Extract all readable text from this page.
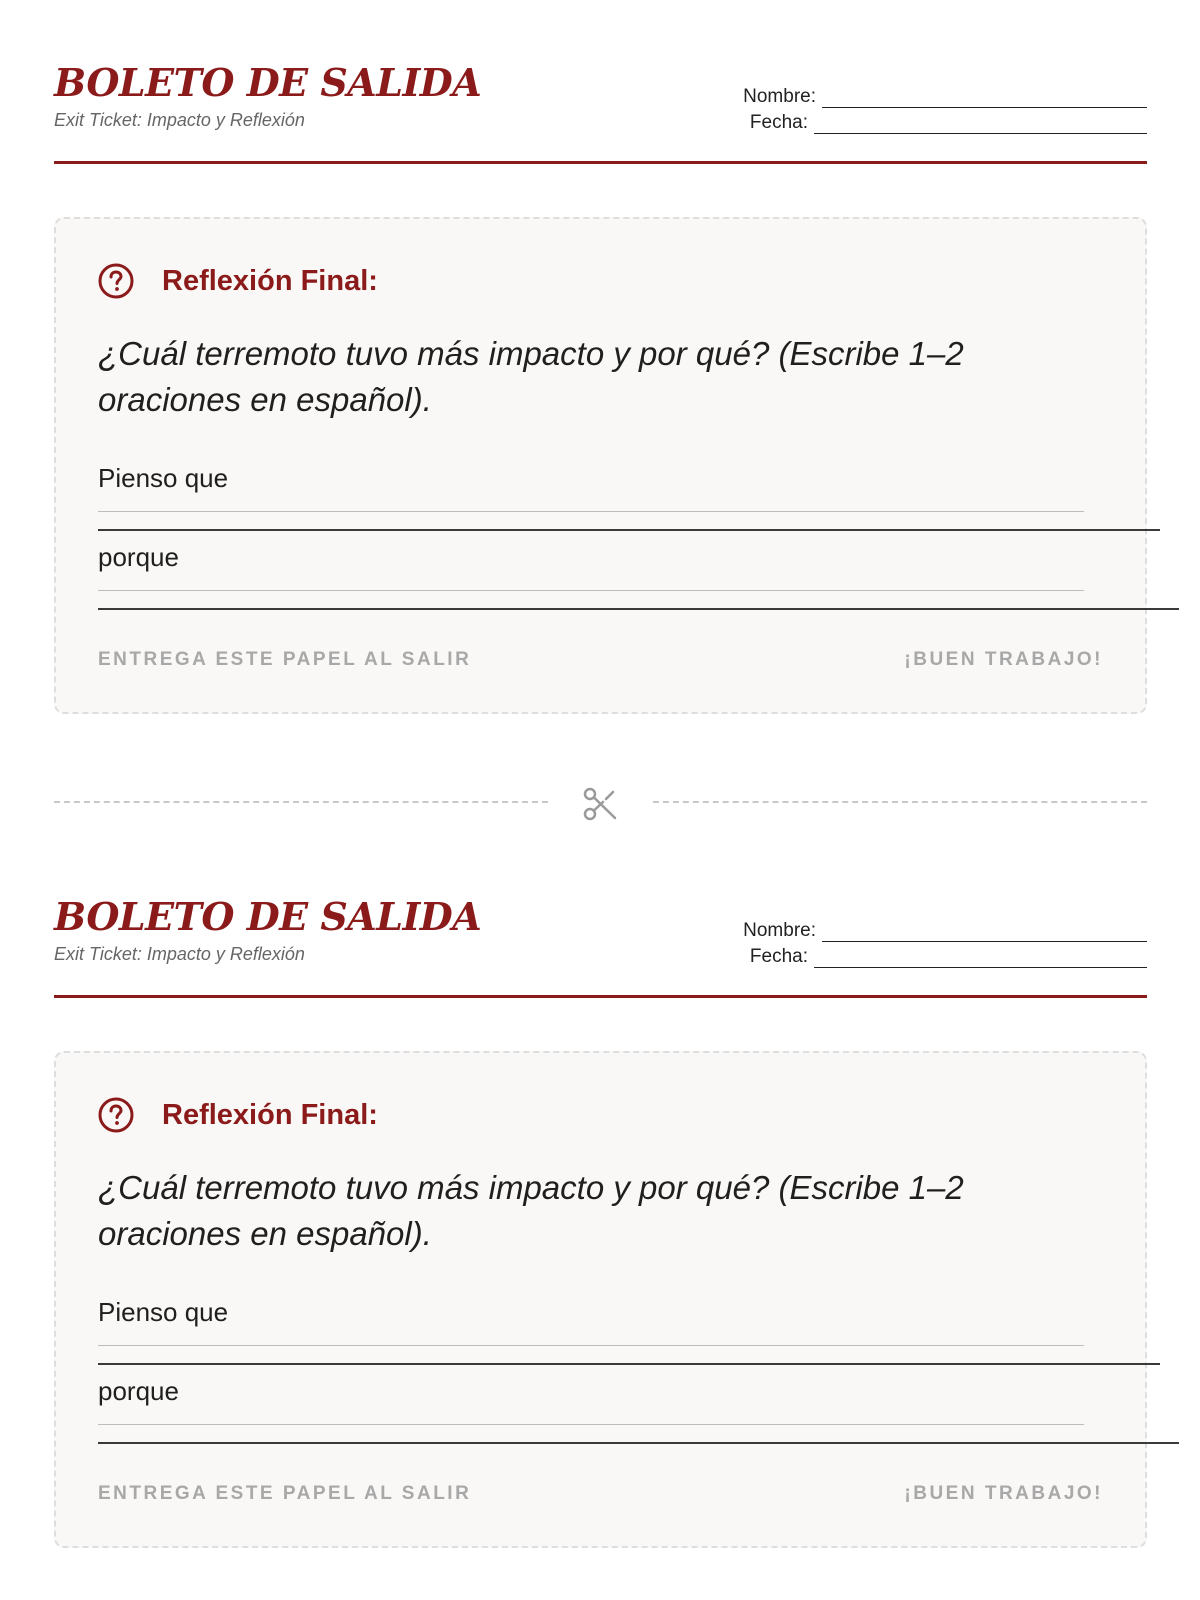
BOLETO DE SALIDA
Exit Ticket: Impacto y Reflexión
Nombre:
Fecha:
Reflexión Final:
¿Cuál terremoto tuvo más impacto y por qué? (Escribe 1–2 oraciones en español).
Pienso que
porque
ENTREGA ESTE PAPEL AL SALIR	¡BUEN TRABAJO!
BOLETO DE SALIDA
Exit Ticket: Impacto y Reflexión
Nombre:
Fecha:
Reflexión Final:
¿Cuál terremoto tuvo más impacto y por qué? (Escribe 1–2 oraciones en español).
Pienso que
porque
ENTREGA ESTE PAPEL AL SALIR	¡BUEN TRABAJO!
